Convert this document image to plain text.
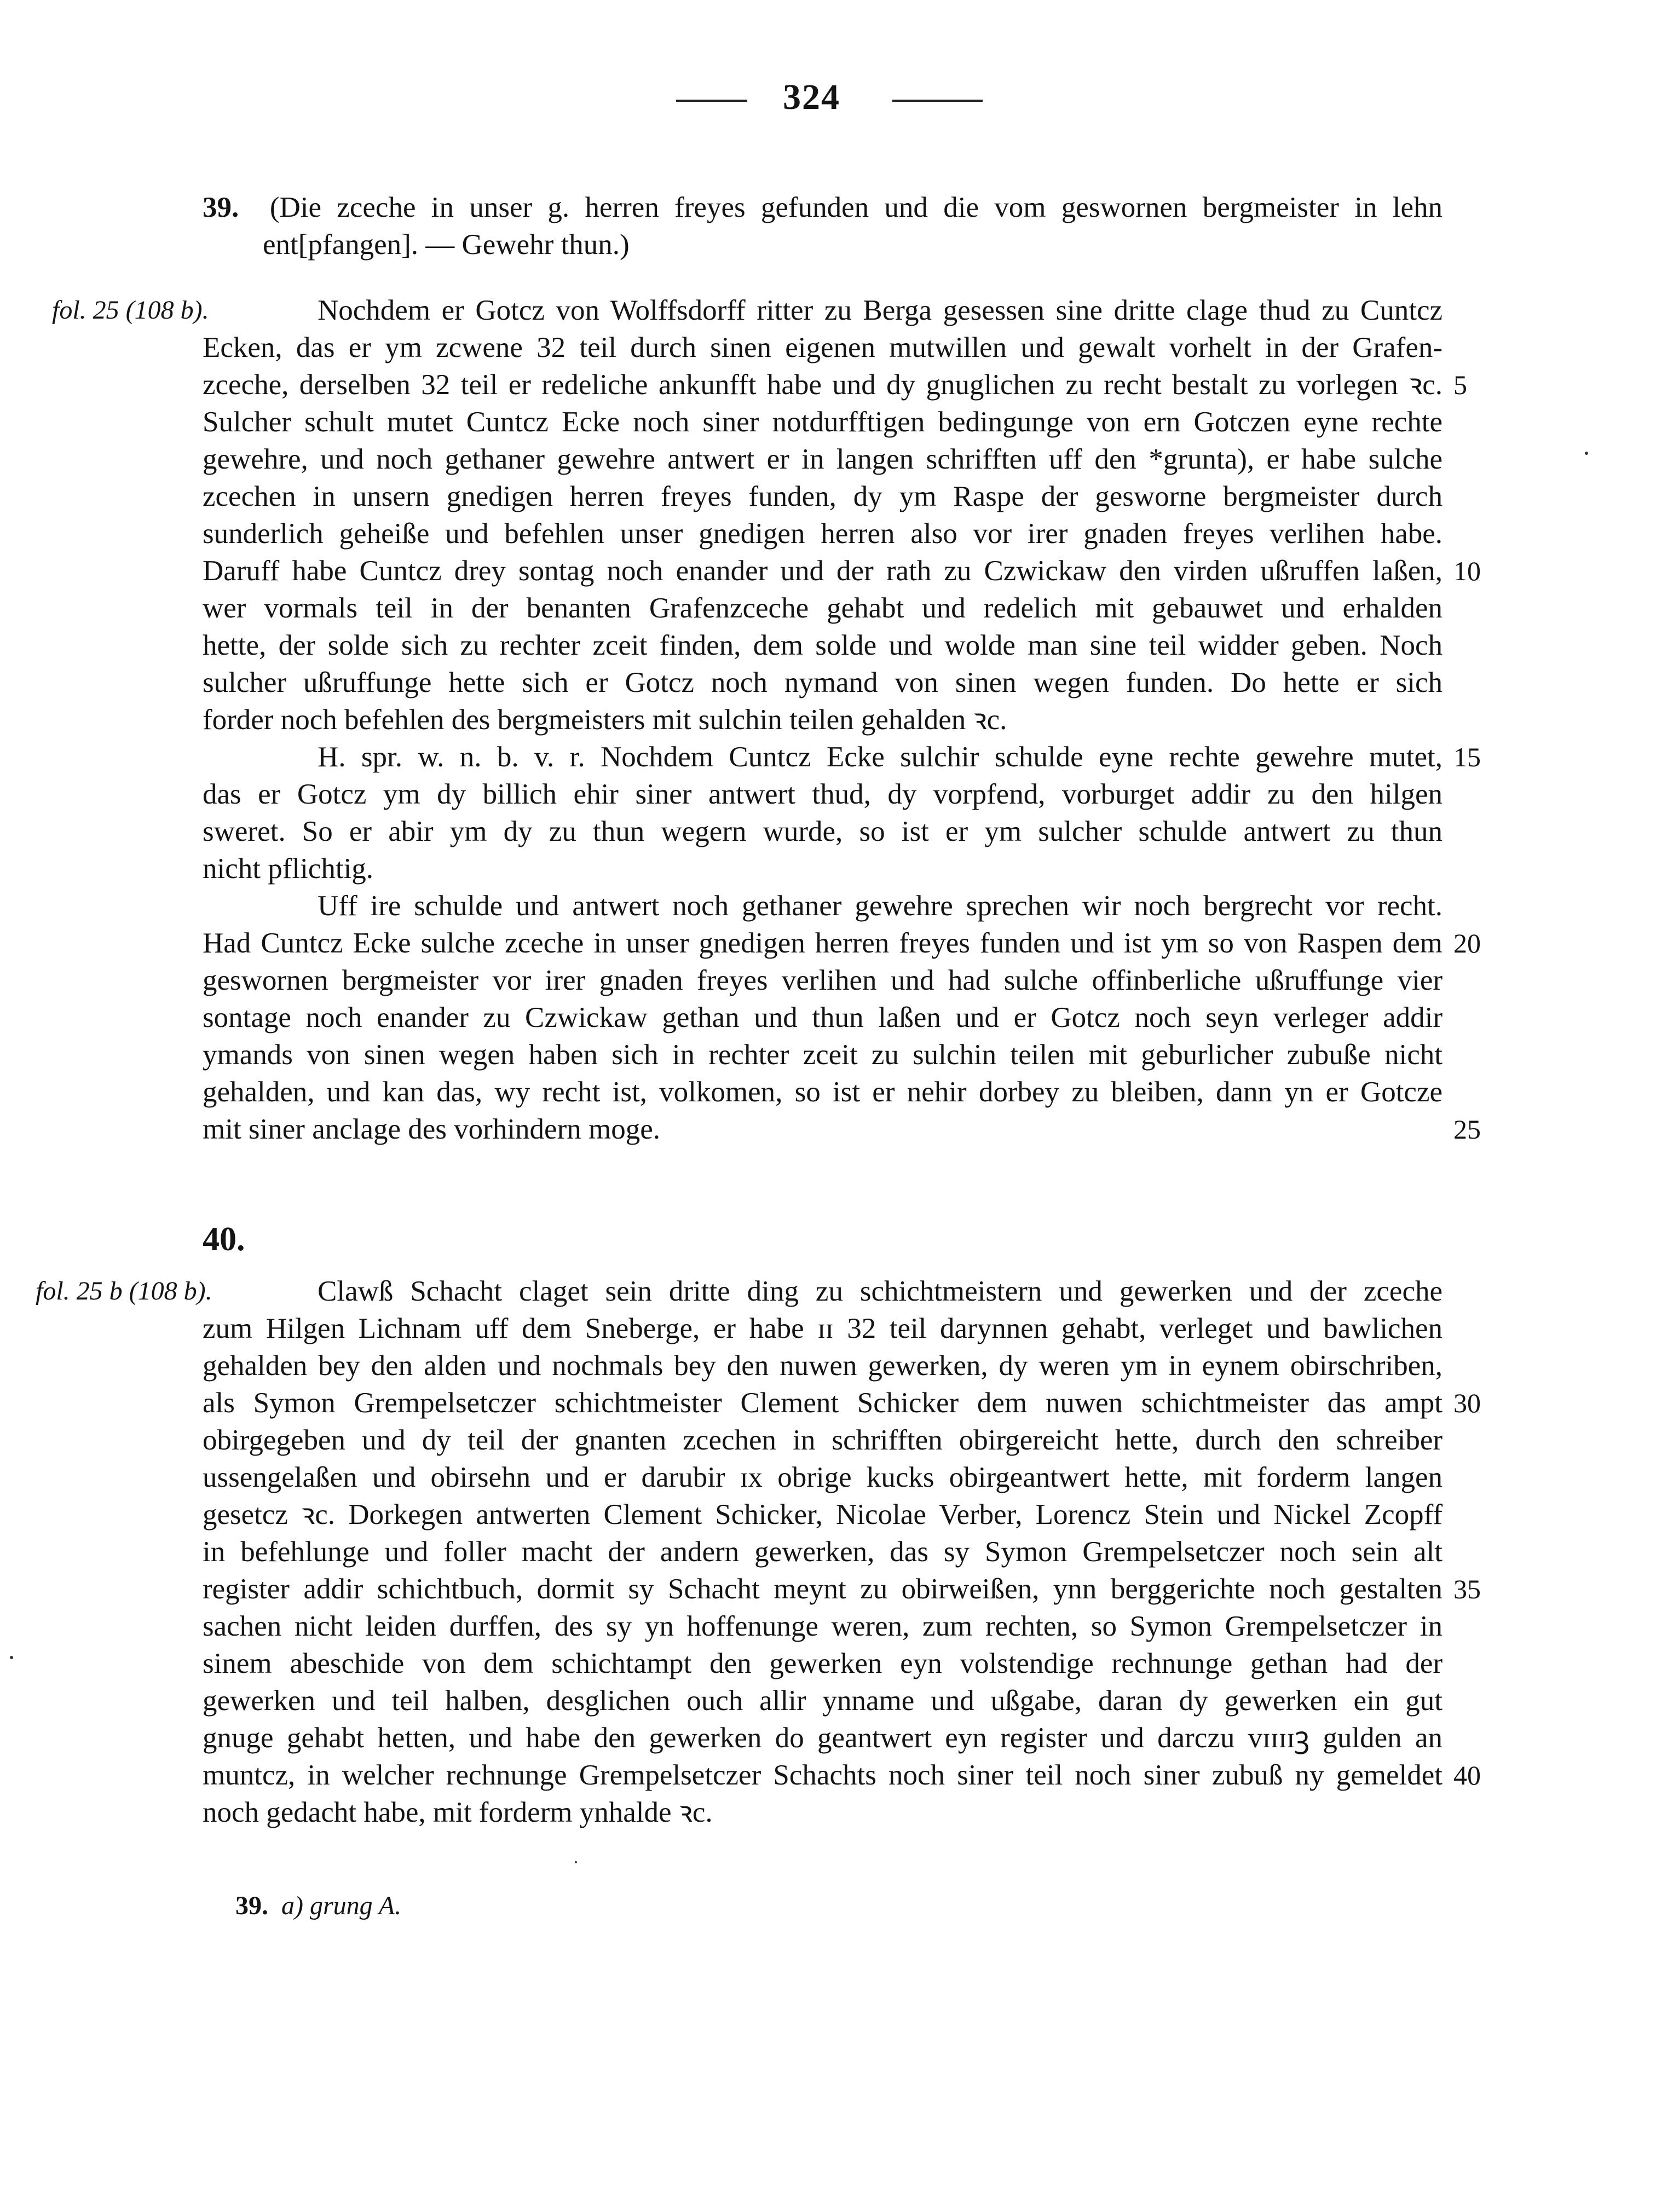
324
39. (Die zceche in unser g. herren freyes gefunden und die vom geswornen bergmeister in lehn
ent[pfangen]. — Gewehr thun.)
fol. 25 (108 b).	Nochdem er Gotcz von Wolffsdorff ritter zu Berga gesessen sine dritte clage thud zu Cuntcz
Ecken, das er ym zcwene 32 teil durch sinen eigenen mutwillen und gewalt vorhelt in der Grafen-
zceche, derselben 32 teil er redeliche ankunfft habe und dy gnuglichen zu recht bestalt zu vorlegen ꝛc.
Sulcher schult mutet Cuntcz Ecke noch siner notdurfftigen bedingunge von ern Gotczen eyne rechte
gewehre, und noch gethaner gewehre antwert er in langen schrifften uff den *grunta), er habe sulche
zcechen in unsern gnedigen herren freyes funden, dy ym Raspe der gesworne bergmeister durch
sunderlich geheiße und befehlen unser gnedigen herren also vor irer gnaden freyes verlihen habe.
Daruff habe Cuntcz drey sontag noch enander und der rath zu Czwickaw den virden ußruffen laßen,
wer vormals teil in der benanten Grafenzceche gehabt und redelich mit gebauwet und erhalden
hette, der solde sich zu rechter zceit finden, dem solde und wolde man sine teil widder geben. Noch
sulcher ußruffunge hette sich er Gotcz noch nymand von sinen wegen funden. Do hette er sich
forder noch befehlen des bergmeisters mit sulchin teilen gehalden ꝛc.
H. spr. w. n. b. v. r. Nochdem Cuntcz Ecke sulchir schulde eyne rechte gewehre mutet,
das er Gotcz ym dy billich ehir siner antwert thud, dy vorpfend, vorburget addir zu den hilgen
sweret. So er abir ym dy zu thun wegern wurde, so ist er ym sulcher schulde antwert zu thun
nicht pflichtig.
Uff ire schulde und antwert noch gethaner gewehre sprechen wir noch bergrecht vor recht.
Had Cuntcz Ecke sulche zceche in unser gnedigen herren freyes funden und ist ym so von Raspen dem
geswornen bergmeister vor irer gnaden freyes verlihen und had sulche offinberliche ußruffunge vier
sontage noch enander zu Czwickaw gethan und thun laßen und er Gotcz noch seyn verleger addir
ymands von sinen wegen haben sich in rechter zceit zu sulchin teilen mit geburlicher zubuße nicht
gehalden, und kan das, wy recht ist, volkomen, so ist er nehir dorbey zu bleiben, dann yn er Gotcze
mit siner anclage des vorhindern moge.
40.
fol. 25 b (108 b).	Clawß Schacht claget sein dritte ding zu schichtmeistern und gewerken und der zceche
zum Hilgen Lichnam uff dem Sneberge, er habe ɪɪ 32 teil darynnen gehabt, verleget und bawlichen
gehalden bey den alden und nochmals bey den nuwen gewerken, dy weren ym in eynem obirschriben,
als Symon Grempelsetczer schichtmeister Clement Schicker dem nuwen schichtmeister das ampt
obirgegeben und dy teil der gnanten zcechen in schrifften obirgereicht hette, durch den schreiber
ussengelaßen und obirsehn und er darubir ɪx obrige kucks obirgeantwert hette, mit forderm langen
gesetcz ꝛc. Dorkegen antwerten Clement Schicker, Nicolae Verber, Lorencz Stein und Nickel Zcopff
in befehlunge und foller macht der andern gewerken, das sy Symon Grempelsetczer noch sein alt
register addir schichtbuch, dormit sy Schacht meynt zu obirweißen, ynn berggerichte noch gestalten
sachen nicht leiden durffen, des sy yn hoffenunge weren, zum rechten, so Symon Grempelsetczer in
sinem abeschide von dem schichtampt den gewerken eyn volstendige rechnunge gethan had der
gewerken und teil halben, desglichen ouch allir ynname und ußgabe, daran dy gewerken ein gut
gnuge gehabt hetten, und habe den gewerken do geantwert eyn register und darczu ᴠɪɪɪɪꝫ gulden an
muntcz, in welcher rechnunge Grempelsetczer Schachts noch siner teil noch siner zubuß ny gemeldet
noch gedacht habe, mit forderm ynhalde ꝛc.
5
10
15
20
25
30
35
40
39. a) grung A.
